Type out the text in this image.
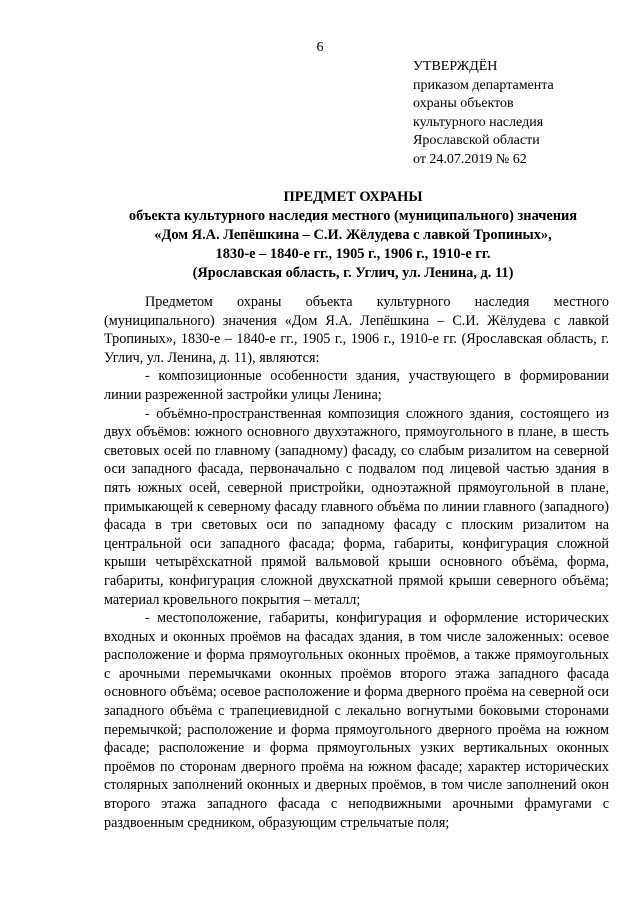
6
УТВЕРЖДЁН
приказом департамента
охраны объектов
культурного наследия
Ярославской области
от 24.07.2019 № 62
ПРЕДМЕТ ОХРАНЫ
объекта культурного наследия местного (муниципального) значения
«Дом Я.А. Лепёшкина – С.И. Жёлудева с лавкой Тропиных»,
1830-е – 1840-е гг., 1905 г., 1906 г., 1910-е гг.
(Ярославская область, г. Углич, ул. Ленина, д. 11)

Предметом охраны объекта культурного наследия местного (муниципального) значения «Дом Я.А. Лепёшкина – С.И. Жёлудева с лавкой Тропиных», 1830-е – 1840-е гг., 1905 г., 1906 г., 1910-е гг. (Ярославская область, г. Углич, ул. Ленина, д. 11), являются:

- композиционные особенности здания, участвующего в формировании линии разреженной застройки улицы Ленина;

- объёмно-пространственная композиция сложного здания, состоящего из двух объёмов: южного основного двухэтажного, прямоугольного в плане, в шесть световых осей по главному (западному) фасаду, со слабым ризалитом на северной оси западного фасада, первоначально с подвалом под лицевой частью здания в пять южных осей, северной пристройки, одноэтажной прямоугольной в плане, примыкающей к северному фасаду главного объёма по линии главного (западного) фасада в три световых оси по западному фасаду с плоским ризалитом на центральной оси западного фасада; форма, габариты, конфигурация сложной крыши четырёхскатной прямой вальмовой крыши основного объёма, форма, габариты, конфигурация сложной двухскатной прямой крыши северного объёма; материал кровельного покрытия – металл;

- местоположение, габариты, конфигурация и оформление исторических входных и оконных проёмов на фасадах здания, в том числе заложенных: осевое расположение и форма прямоугольных оконных проёмов, а также прямоугольных с арочными перемычками оконных проёмов второго этажа западного фасада основного объёма; осевое расположение и форма дверного проёма на северной оси западного объёма с трапециевидной с лекально вогнутыми боковыми сторонами перемычкой; расположение и форма прямоугольного дверного проёма на южном фасаде; расположение и форма прямоугольных узких вертикальных оконных проёмов по сторонам дверного проёма на южном фасаде; характер исторических столярных заполнений оконных и дверных проёмов, в том числе заполнений окон второго этажа западного фасада с неподвижными арочными фрамугами с раздвоенным средником, образующим стрельчатые поля;
